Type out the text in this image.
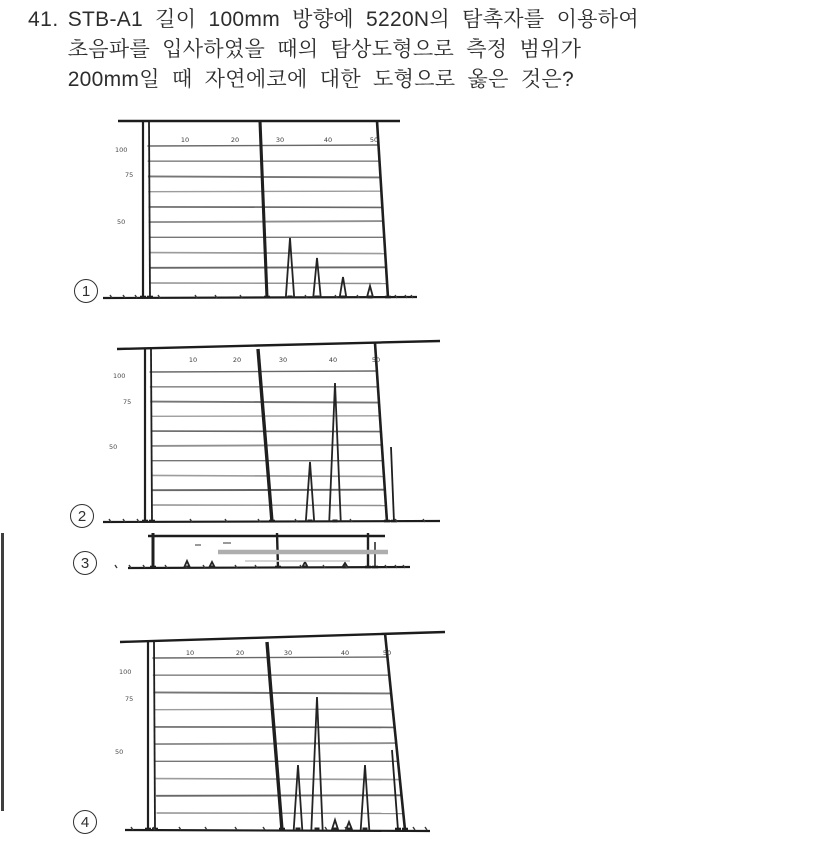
41. STB-A1 길이 100mm 방향에 5220N의 탐촉자를 이용하여
초음파를 입사하였을 때의 탐상도형으로 측정 범위가
200mm일 때 자연에코에 대한 도형으로 옳은 것은?
1
10	20	30	40	50
100
75
50
2
10	20	30	40	50
100
75
50
3
4
10	20	30	40	50
100
75
50
